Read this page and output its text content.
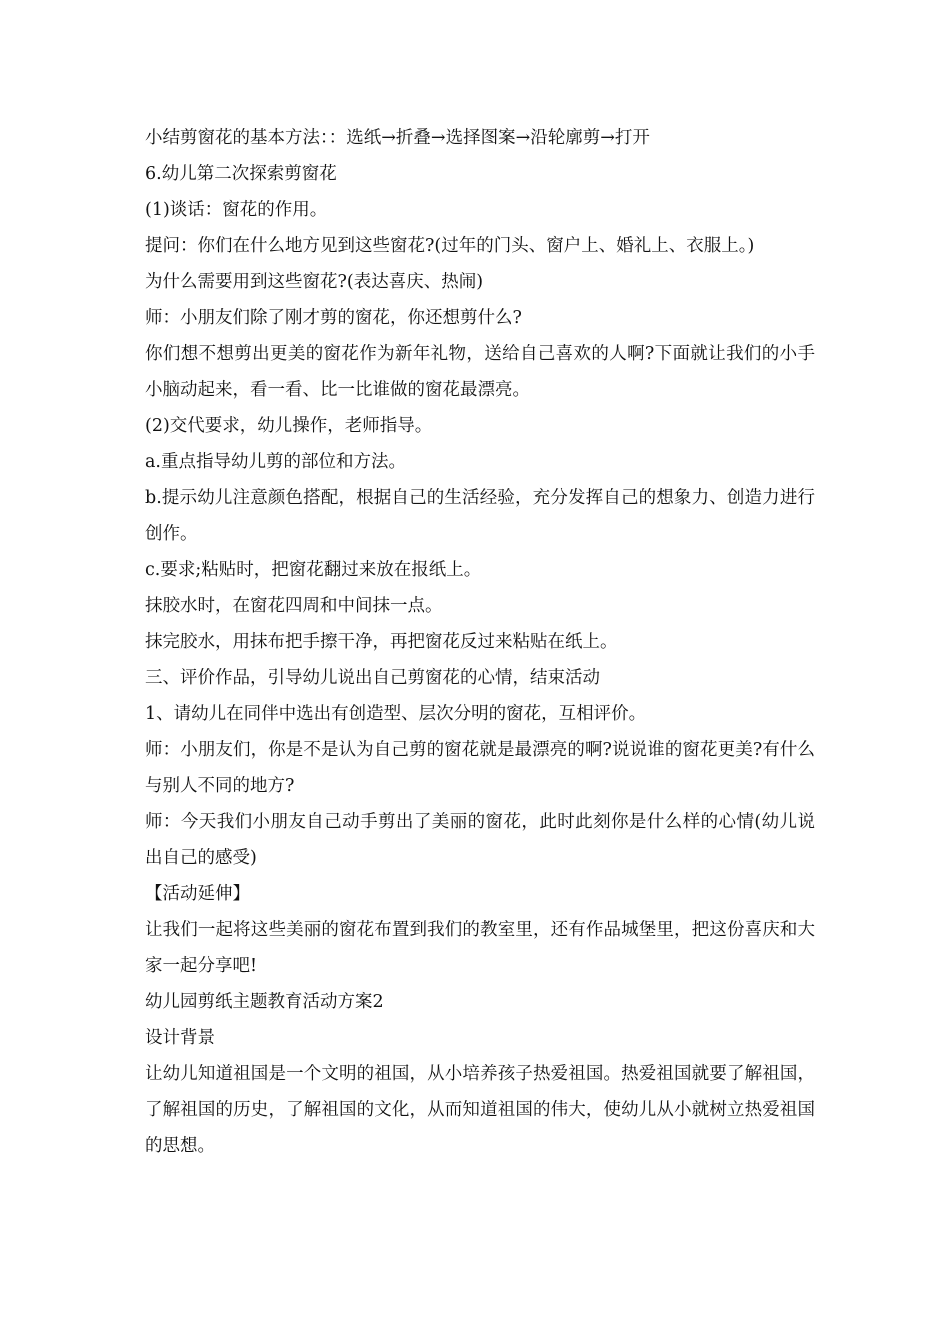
小结剪窗花的基本方法：：选纸→折叠→选择图案→沿轮廓剪→打开

6.幼儿第二次探索剪窗花

(1)谈话：窗花的作用。

提问：你们在什么地方见到这些窗花?(过年的门头、窗户上、婚礼上、衣服上。)

为什么需要用到这些窗花?(表达喜庆、热闹)

师：小朋友们除了刚才剪的窗花，你还想剪什么?

你们想不想剪出更美的窗花作为新年礼物，送给自己喜欢的人啊?下面就让我们的小手小脑动起来，看一看、比一比谁做的窗花最漂亮。

(2)交代要求，幼儿操作，老师指导。

a.重点指导幼儿剪的部位和方法。

b.提示幼儿注意颜色搭配，根据自己的生活经验，充分发挥自己的想象力、创造力进行创作。

c.要求;粘贴时，把窗花翻过来放在报纸上。

抹胶水时，在窗花四周和中间抹一点。

抹完胶水，用抹布把手擦干净，再把窗花反过来粘贴在纸上。

三、评价作品，引导幼儿说出自己剪窗花的心情，结束活动

1、请幼儿在同伴中选出有创造型、层次分明的窗花，互相评价。

师：小朋友们，你是不是认为自己剪的窗花就是最漂亮的啊?说说谁的窗花更美?有什么与别人不同的地方?

师：今天我们小朋友自己动手剪出了美丽的窗花，此时此刻你是什么样的心情(幼儿说出自己的感受)

【活动延伸】

让我们一起将这些美丽的窗花布置到我们的教室里，还有作品城堡里，把这份喜庆和大家一起分享吧!

幼儿园剪纸主题教育活动方案2

设计背景

让幼儿知道祖国是一个文明的祖国，从小培养孩子热爱祖国。热爱祖国就要了解祖国，了解祖国的历史，了解祖国的文化，从而知道祖国的伟大，使幼儿从小就树立热爱祖国的思想。
